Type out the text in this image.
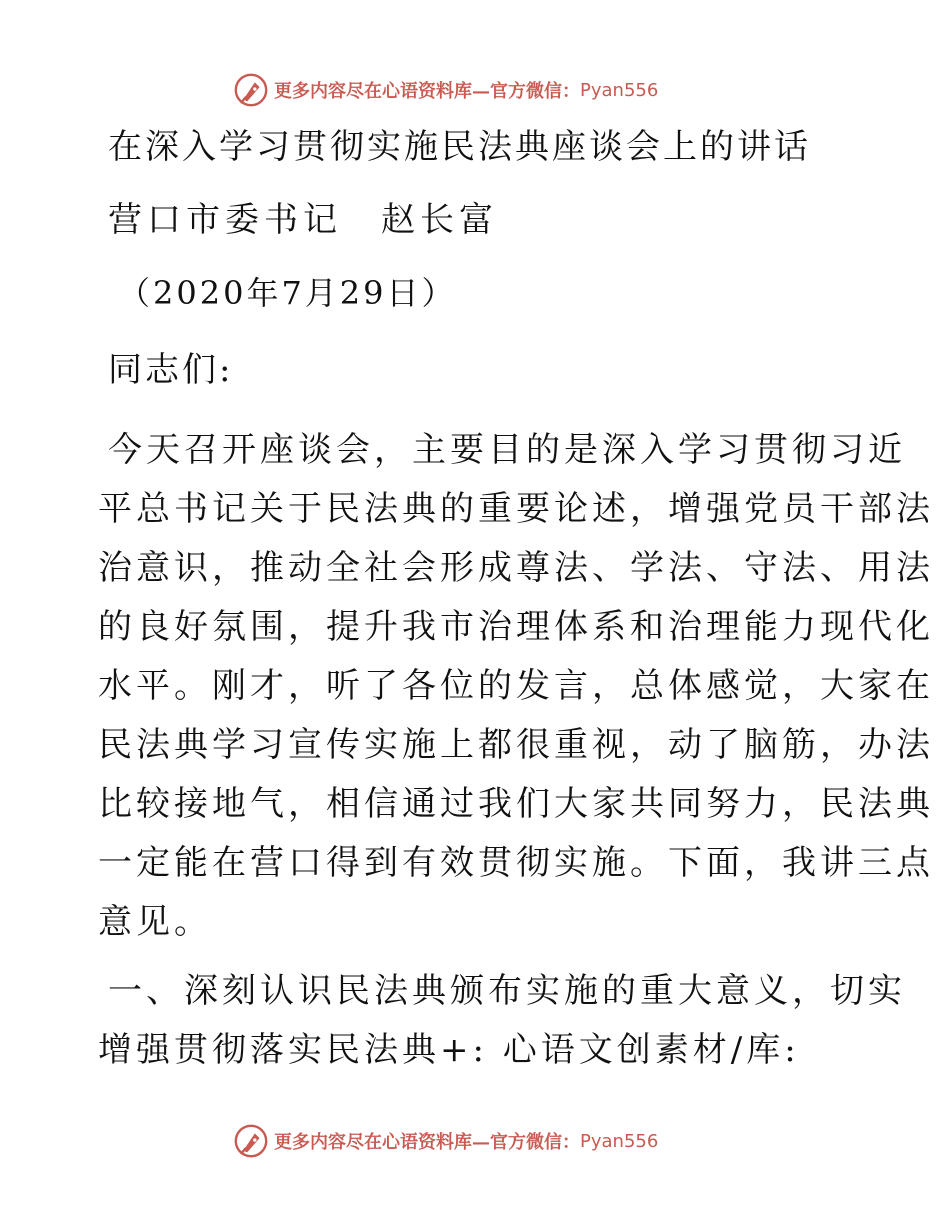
更多内容尽在心语资料库—官方微信： Pyan556
在深入学习贯彻实施民法典座谈会上的讲话
营口市委书记　赵长富
（2020年7月29日）
同志们:
今天召开座谈会，主要目的是深入学习贯彻习近
平总书记关于民法典的重要论述，增强党员干部法
治意识，推动全社会形成尊法、学法、守法、用法
的良好氛围，提升我市治理体系和治理能力现代化
水平。刚才，听了各位的发言，总体感觉，大家在
民法典学习宣传实施上都很重视，动了脑筋，办法
比较接地气，相信通过我们大家共同努力，民法典
一定能在营口得到有效贯彻实施。下面，我讲三点
意见。
一、深刻认识民法典颁布实施的重大意义，切实
增强贯彻落实民法典+: 心语文创素材/库:
更多内容尽在心语资料库—官方微信： Pyan556
